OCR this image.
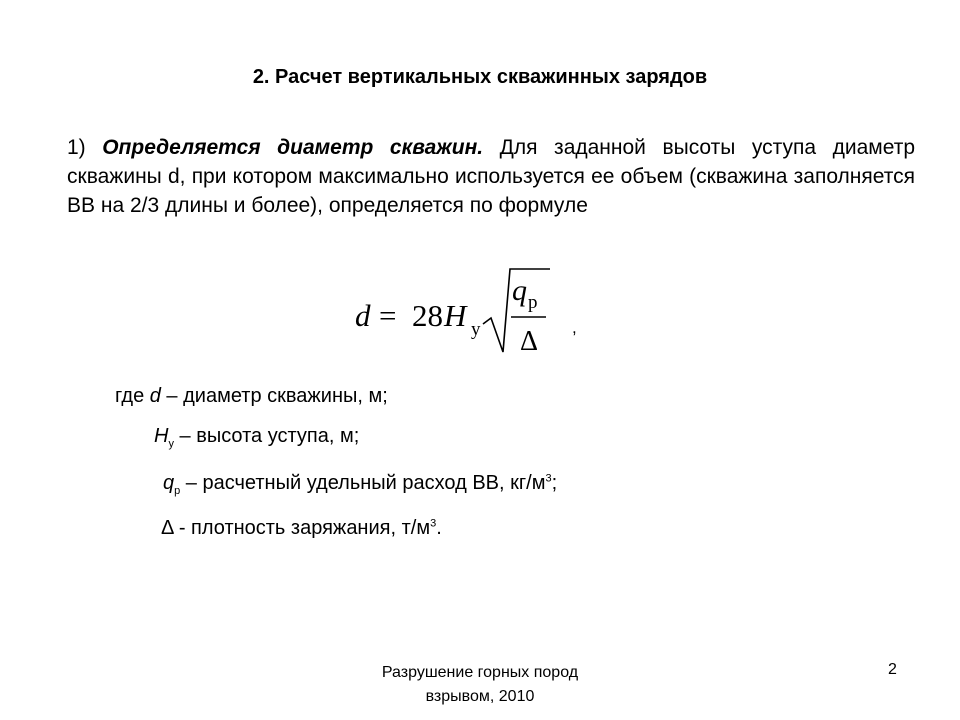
2. Расчет вертикальных скважинных зарядов
1) Определяется диаметр скважин. Для заданной высоты уступа диаметр скважины d, при котором максимально используется ее объем (скважина заполняется ВВ на 2/3 длины и более), определяется по формуле
d = 28 H у
q р
Δ ,
где d – диаметр скважины, м;
$H_у$ – высота уступа, м;
$q_р$ – расчетный удельный расход ВВ, $кг/м^3$;
Δ - плотность заряжания, $т/м^3$.
Разрушение горных пород
взрывом, 2010
2
